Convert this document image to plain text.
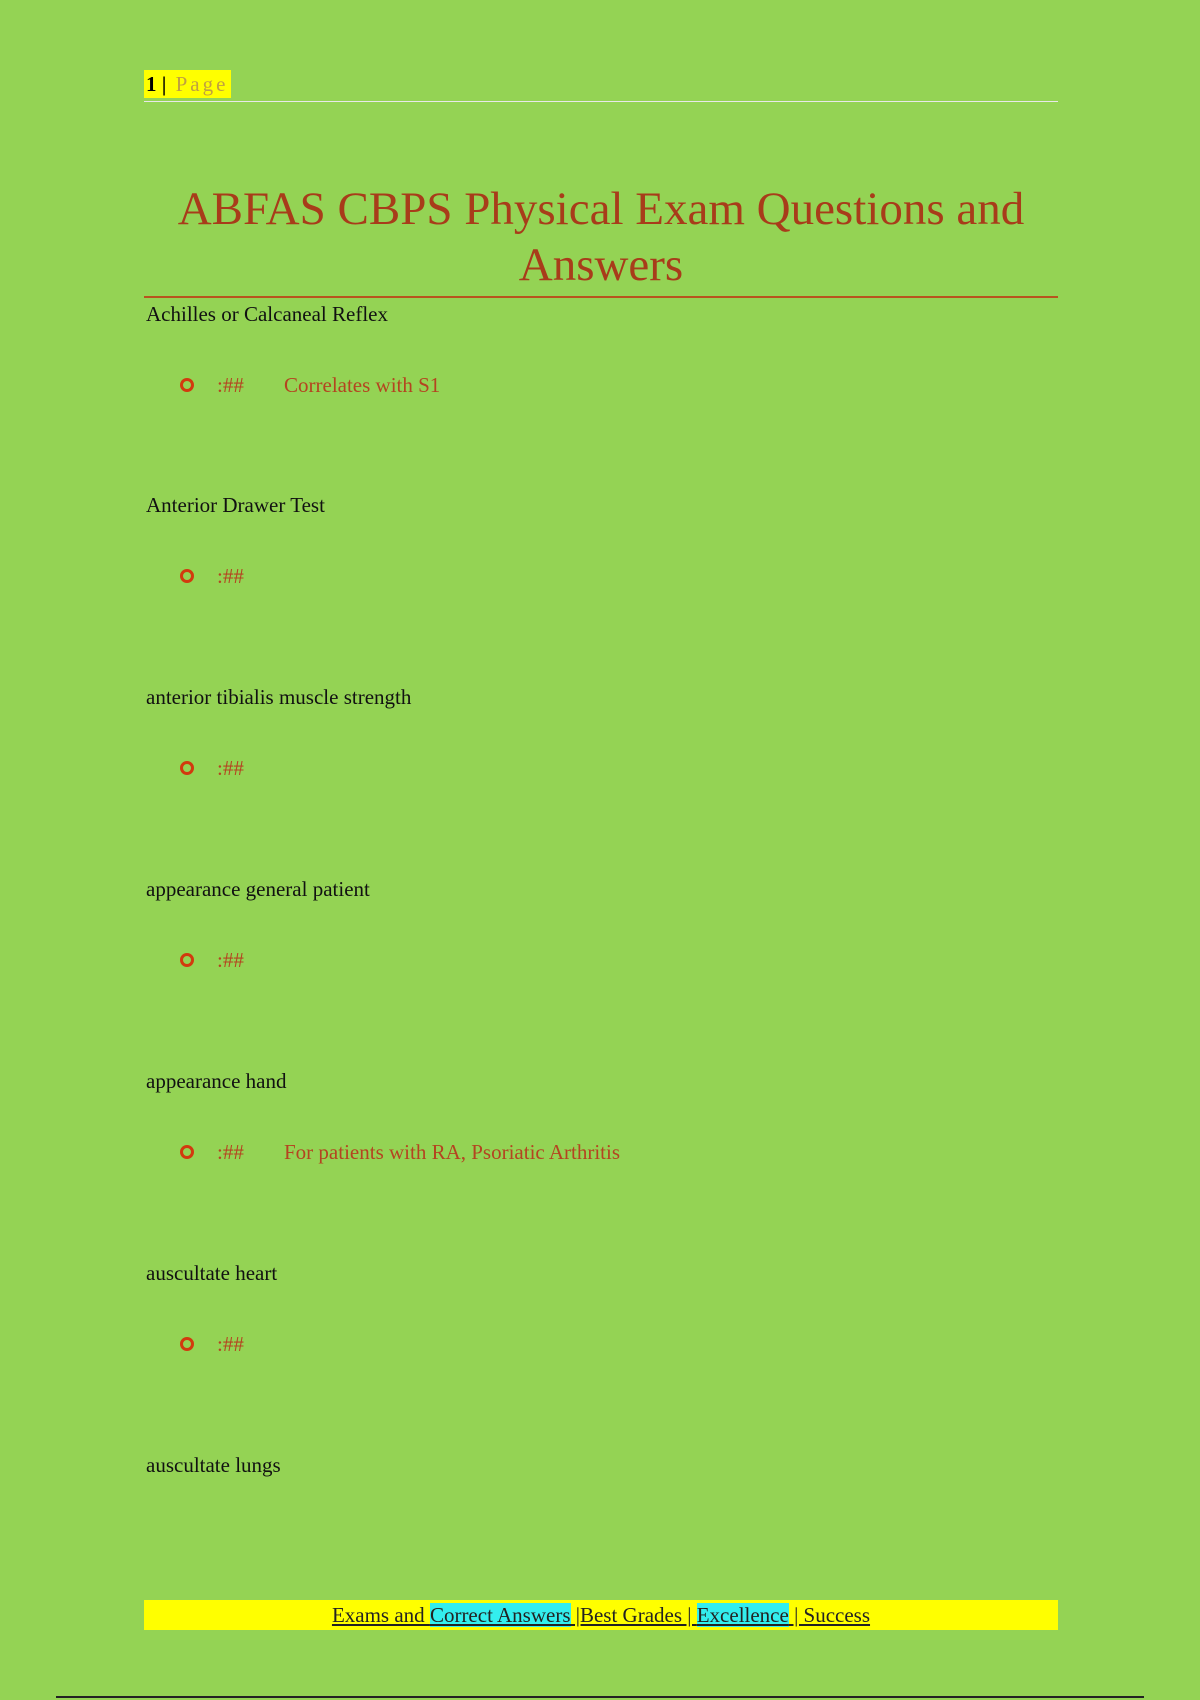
1 | Page
ABFAS CBPS Physical Exam Questions and Answers
Achilles or Calcaneal Reflex
:##	Correlates with S1
Anterior Drawer Test
:##
anterior tibialis muscle strength
:##
appearance general patient
:##
appearance hand
:##	For patients with RA, Psoriatic Arthritis
auscultate heart
:##
auscultate lungs
Exams and Correct Answers |Best Grades | Excellence | Success
